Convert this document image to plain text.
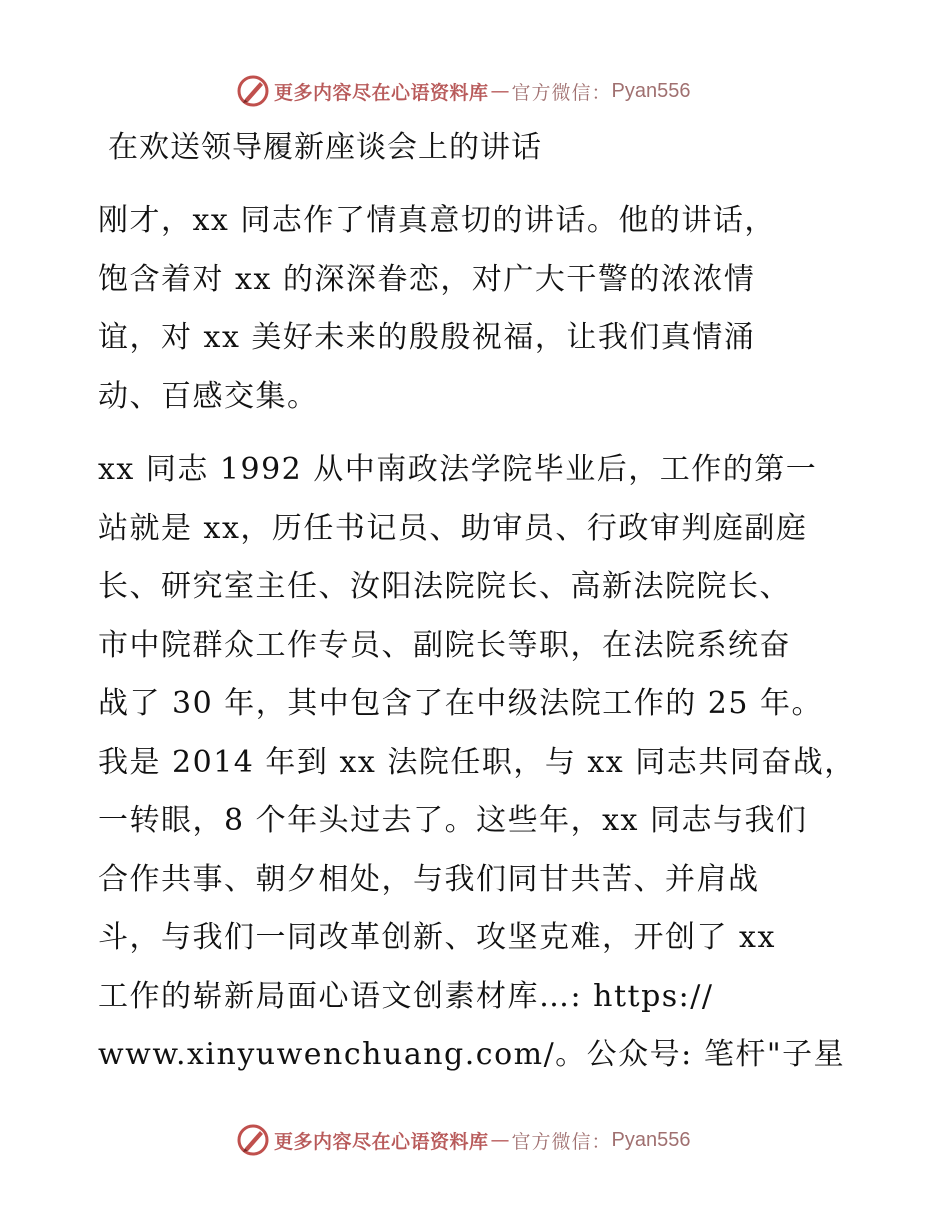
更多内容尽在心语资料库 — 官方微信： Pyan556
在欢送领导履新座谈会上的讲话
刚才，xx 同志作了情真意切的讲话。他的讲话，
饱含着对 xx 的深深眷恋，对广大干警的浓浓情
谊，对 xx 美好未来的殷殷祝福，让我们真情涌
动、百感交集。
xx 同志 1992 从中南政法学院毕业后，工作的第一
站就是 xx，历任书记员、助审员、行政审判庭副庭
长、研究室主任、汝阳法院院长、高新法院院长、
市中院群众工作专员、副院长等职，在法院系统奋
战了 30 年，其中包含了在中级法院工作的 25 年。
我是 2014 年到 xx 法院任职，与 xx 同志共同奋战，
一转眼，8 个年头过去了。这些年，xx 同志与我们
合作共事、朝夕相处，与我们同甘共苦、并肩战
斗，与我们一同改革创新、攻坚克难，开创了 xx
工作的崭新局面心语文创素材库…: https://
www.xinyuwenchuang.com/。公众号: 笔杆"子星
更多内容尽在心语资料库 — 官方微信： Pyan556
